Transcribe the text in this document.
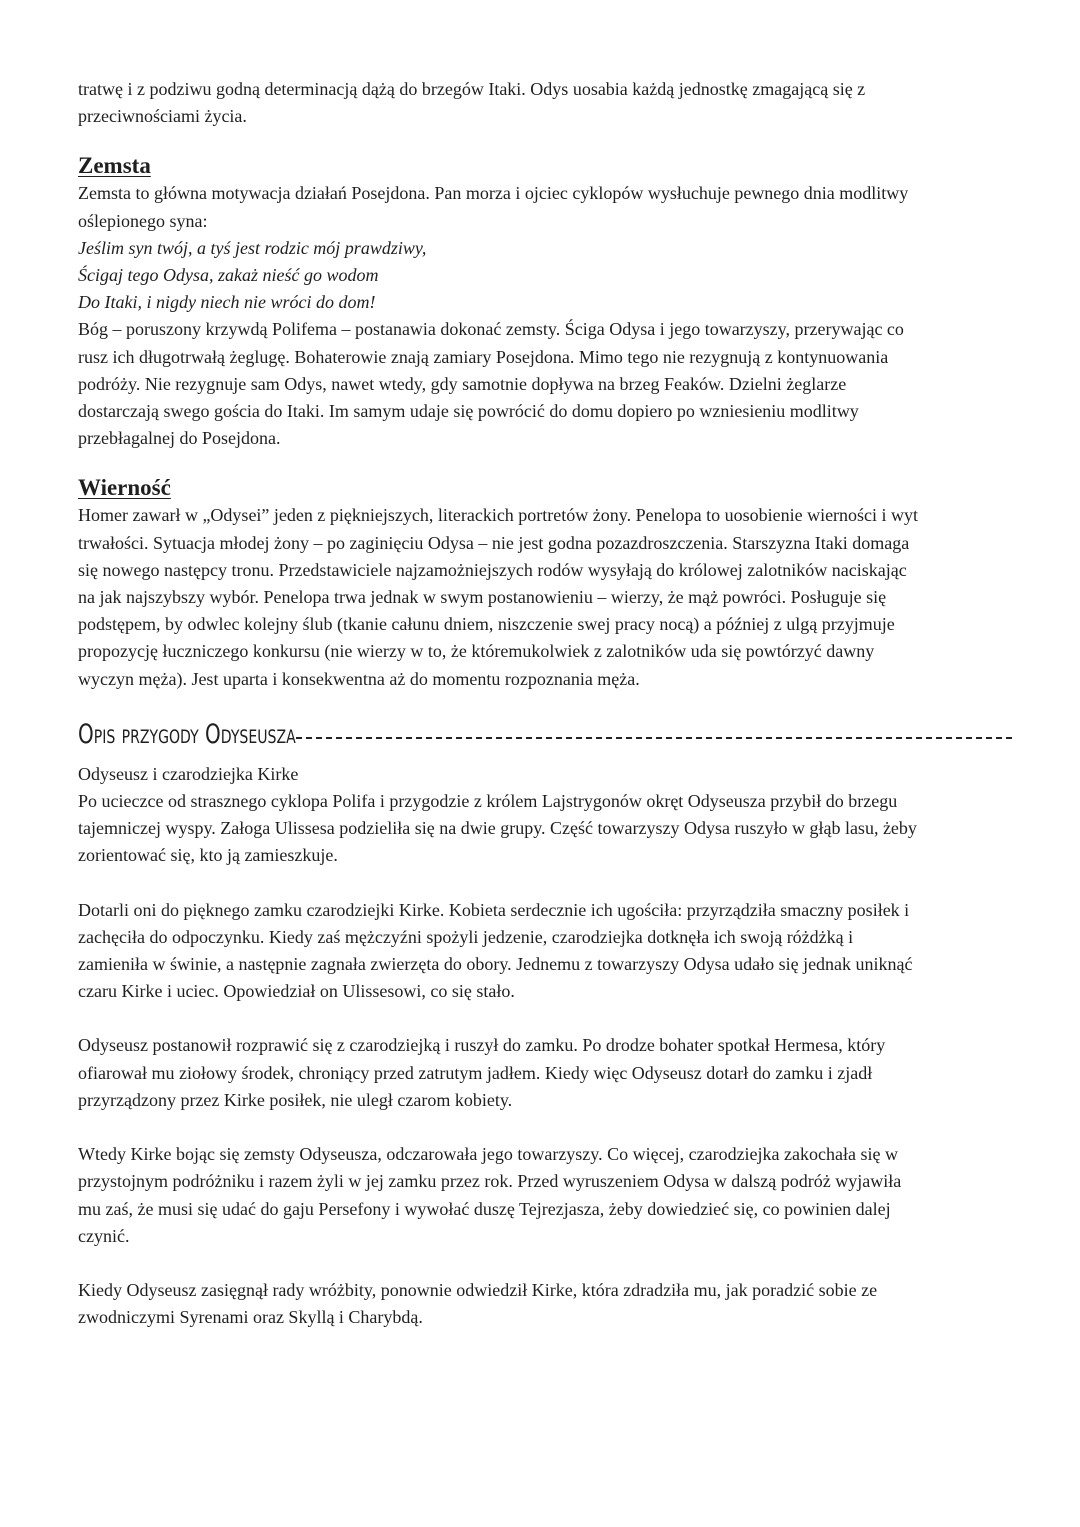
tratwę i z podziwu godną determinacją dążą do brzegów Itaki. Odys uosabia każdą jednostkę zmagającą się z

przeciwnościami życia.

Zemsta

Zemsta to główna motywacja działań Posejdona. Pan morza i ojciec cyklopów wysłuchuje pewnego dnia modlitwy

oślepionego syna:

Jeślim syn twój, a tyś jest rodzic mój prawdziwy,

Ścigaj tego Odysa, zakaż nieść go wodom

Do Itaki, i nigdy niech nie wróci do dom!

Bóg – poruszony krzywdą Polifema – postanawia dokonać zemsty. Ściga Odysa i jego towarzyszy, przerywając co

rusz ich długotrwałą żeglugę. Bohaterowie znają zamiary Posejdona. Mimo tego nie rezygnują z kontynuowania

podróży. Nie rezygnuje sam Odys, nawet wtedy, gdy samotnie dopływa na brzeg Feaków. Dzielni żeglarze

dostarczają swego gościa do Itaki. Im samym udaje się powrócić do domu dopiero po wzniesieniu modlitwy

przebłagalnej do Posejdona.

Wierność

Homer zawarł w „Odysei” jeden z piękniejszych, literackich portretów żony. Penelopa to uosobienie wierności i wyt

trwałości. Sytuacja młodej żony – po zaginięciu Odysa – nie jest godna pozazdroszczenia. Starszyzna Itaki domaga

się nowego następcy tronu. Przedstawiciele najzamożniejszych rodów wysyłają do królowej zalotników naciskając

na jak najszybszy wybór. Penelopa trwa jednak w swym postanowieniu – wierzy, że mąż powróci. Posługuje się

podstępem, by odwlec kolejny ślub (tkanie całunu dniem, niszczenie swej pracy nocą) a później z ulgą przyjmuje

propozycję łuczniczego konkursu (nie wierzy w to, że któremukolwiek z zalotników uda się powtórzyć dawny

wyczyn męża). Jest uparta i konsekwentna aż do momentu rozpoznania męża.

Opis przygody Odyseusza

Odyseusz i czarodziejka Kirke

Po ucieczce od strasznego cyklopa Polifa i przygodzie z królem Lajstrygonów okręt Odyseusza przybił do brzegu

tajemniczej wyspy. Załoga Ulissesa podzieliła się na dwie grupy. Część towarzyszy Odysa ruszyło w głąb lasu, żeby

zorientować się, kto ją zamieszkuje.

Dotarli oni do pięknego zamku czarodziejki Kirke. Kobieta serdecznie ich ugościła: przyrządziła smaczny posiłek i

zachęciła do odpoczynku. Kiedy zaś mężczyźni spożyli jedzenie, czarodziejka dotknęła ich swoją różdżką i

zamieniła w świnie, a następnie zagnała zwierzęta do obory. Jednemu z towarzyszy Odysa udało się jednak uniknąć

czaru Kirke i uciec. Opowiedział on Ulissesowi, co się stało.

Odyseusz postanowił rozprawić się z czarodziejką i ruszył do zamku. Po drodze bohater spotkał Hermesa, który

ofiarował mu ziołowy środek, chroniący przed zatrutym jadłem. Kiedy więc Odyseusz dotarł do zamku i zjadł

przyrządzony przez Kirke posiłek, nie uległ czarom kobiety.

Wtedy Kirke bojąc się zemsty Odyseusza, odczarowała jego towarzyszy. Co więcej, czarodziejka zakochała się w

przystojnym podróżniku i razem żyli w jej zamku przez rok. Przed wyruszeniem Odysa w dalszą podróż wyjawiła

mu zaś, że musi się udać do gaju Persefony i wywołać duszę Tejrezjasza, żeby dowiedzieć się, co powinien dalej

czynić.

Kiedy Odyseusz zasięgnął rady wróżbity, ponownie odwiedził Kirke, która zdradziła mu, jak poradzić sobie ze

zwodniczymi Syrenami oraz Skyllą i Charybdą.
